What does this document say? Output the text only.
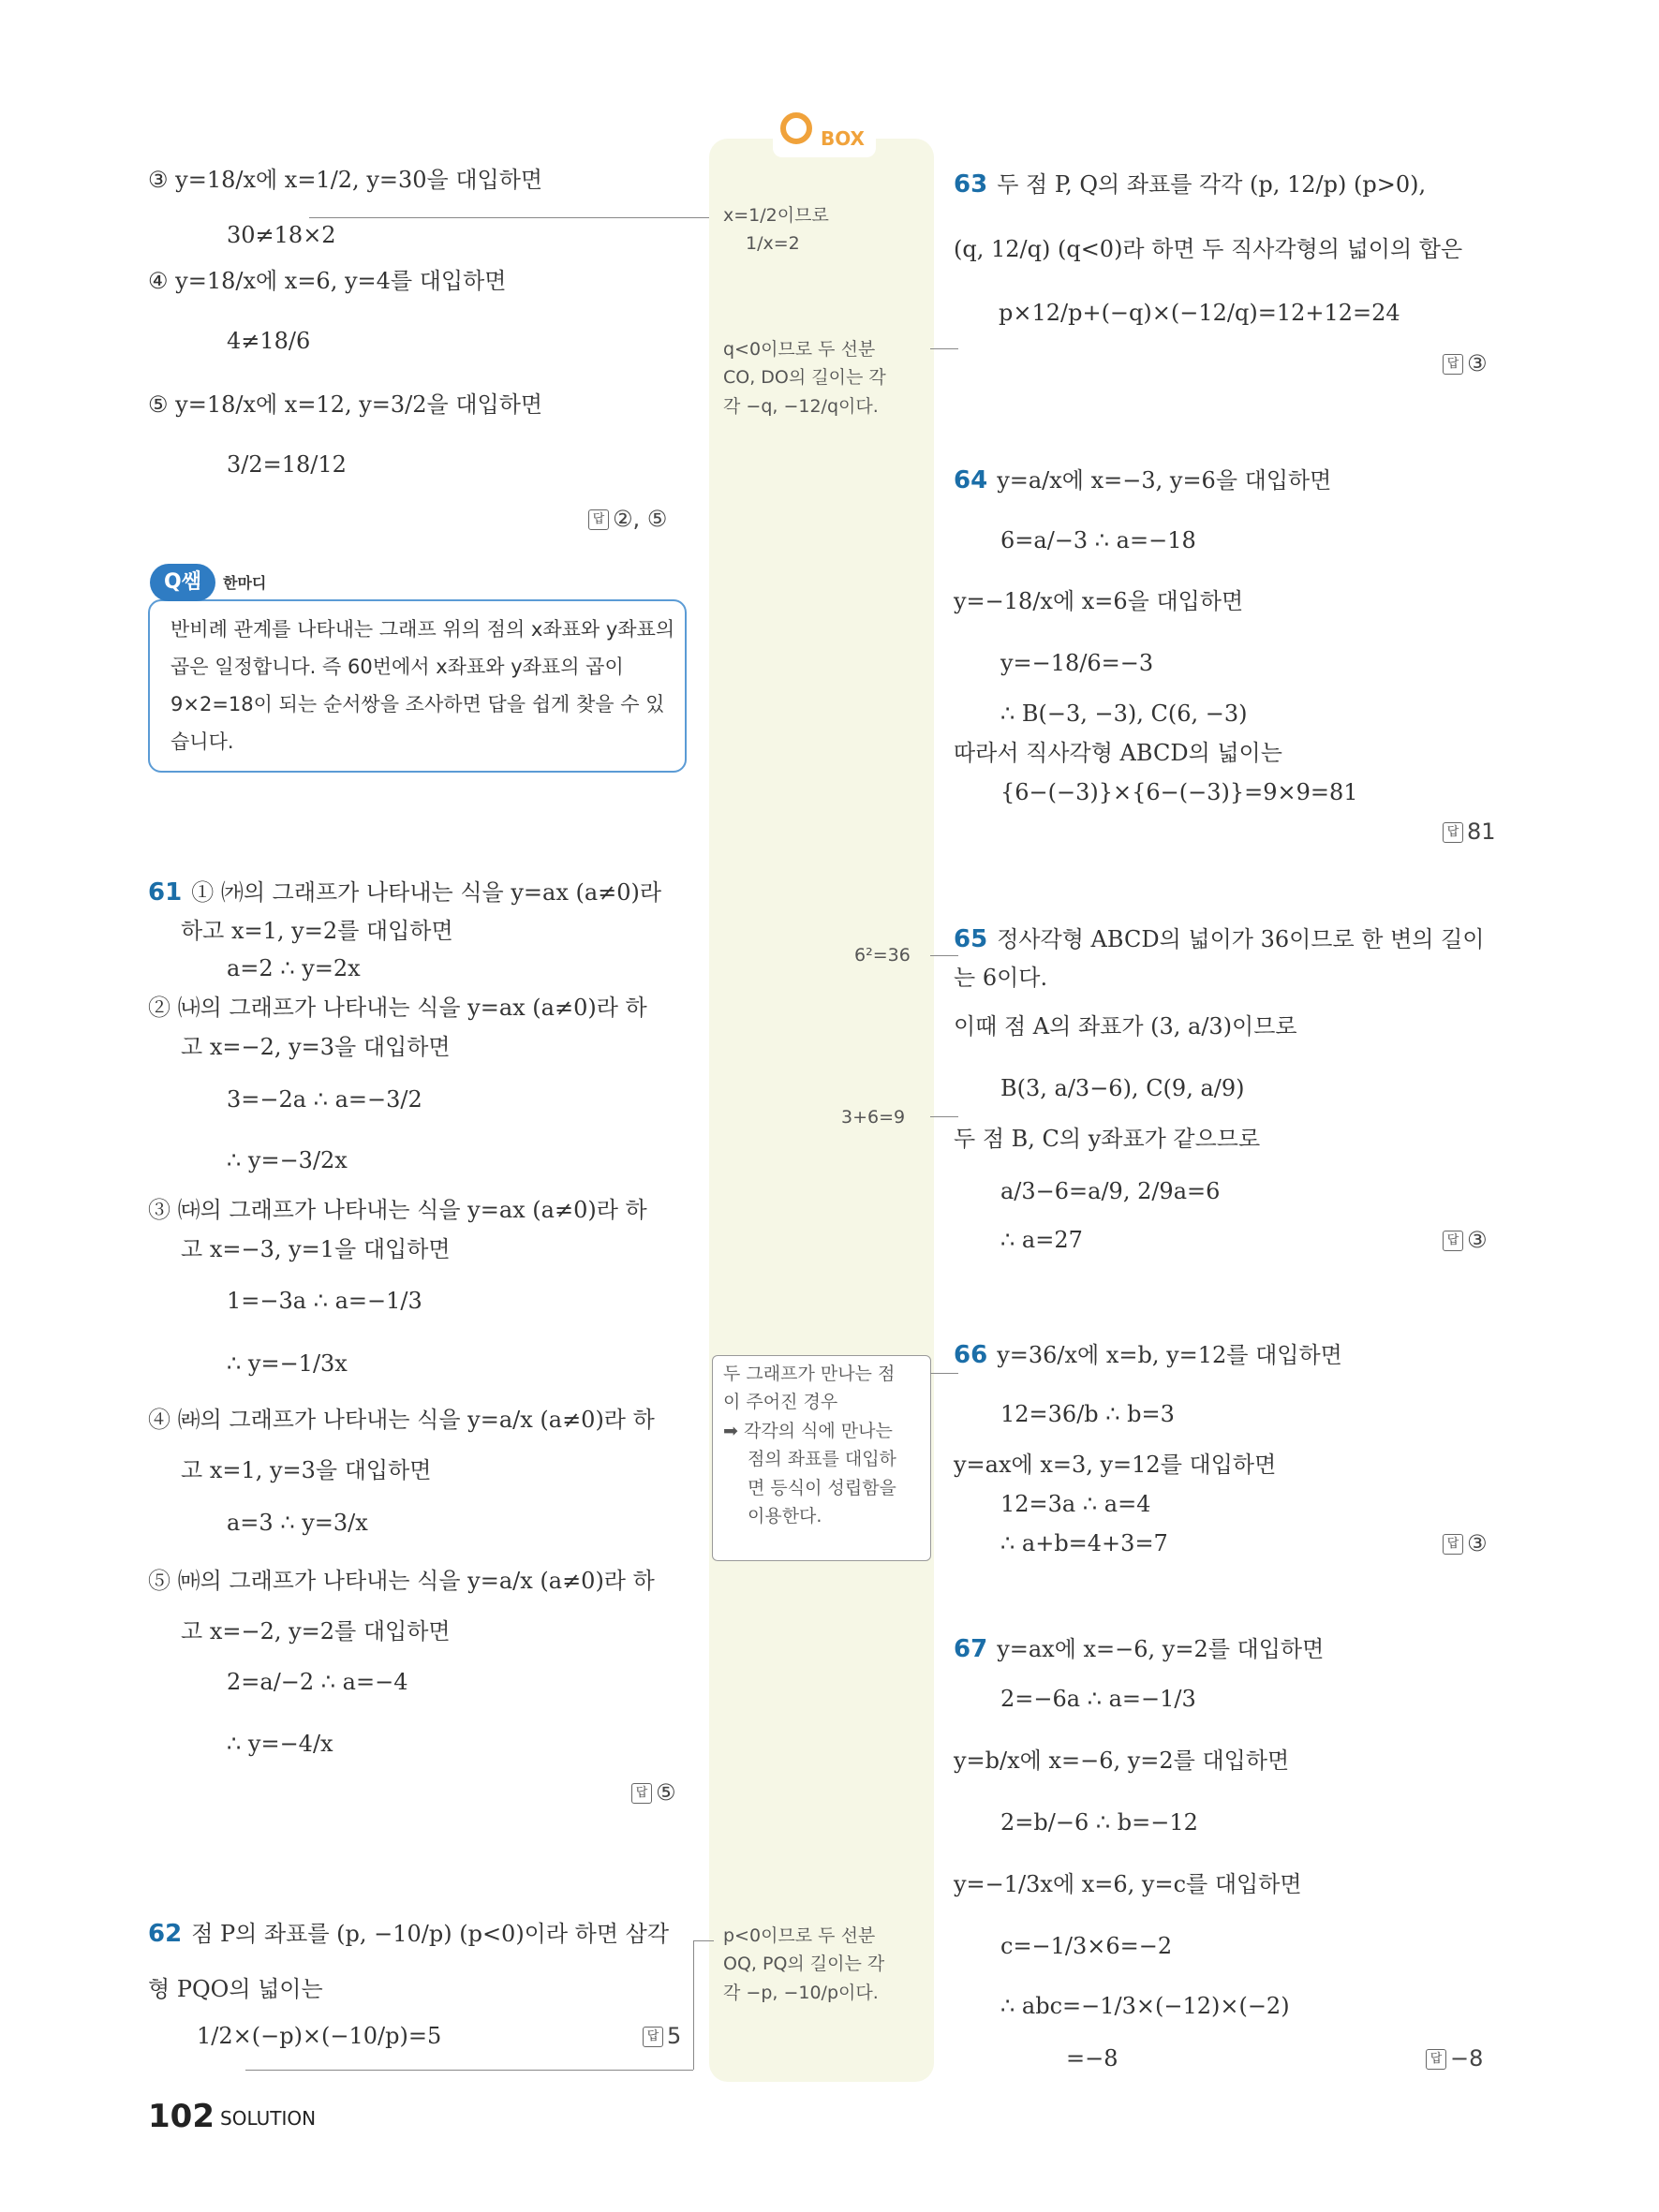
BOX
③ y=18/x에 x=1/2, y=30을 대입하면
30≠18×2
④ y=18/x에 x=6, y=4를 대입하면
4≠18/6
⑤ y=18/x에 x=12, y=3/2을 대입하면
3/2=18/12
답 ②, ⑤
Q쌤	한마디
반비례 관계를 나타내는 그래프 위의 점의 x좌표와 y좌표의 곱은 일정합니다. 즉 60번에서 x좌표와 y좌표의 곱이 9×2=18이 되는 순서쌍을 조사하면 답을 쉽게 찾을 수 있습니다.
61 ① ㈎의 그래프가 나타내는 식을 y=ax (a≠0)라
하고 x=1, y=2를 대입하면
a=2 ∴ y=2x
② ㈏의 그래프가 나타내는 식을 y=ax (a≠0)라 하
고 x=−2, y=3을 대입하면
3=−2a ∴ a=−3/2
∴ y=−3/2x
③ ㈐의 그래프가 나타내는 식을 y=ax (a≠0)라 하
고 x=−3, y=1을 대입하면
1=−3a ∴ a=−1/3
∴ y=−1/3x
④ ㈑의 그래프가 나타내는 식을 y=a/x (a≠0)라 하
고 x=1, y=3을 대입하면
a=3 ∴ y=3/x
⑤ ㈒의 그래프가 나타내는 식을 y=a/x (a≠0)라 하
고 x=−2, y=2를 대입하면
2=a/−2 ∴ a=−4
∴ y=−4/x
답 ⑤
62 점 P의 좌표를 (p, −10/p) (p<0)이라 하면 삼각
형 PQO의 넓이는
1/2×(−p)×(−10/p)=5	답 5
x=1/2이므로
1/x=2
q<0이므로 두 선분
CO, DO의 길이는 각
각 −q, −12/q이다.
6²=36
3+6=9
두 그래프가 만나는 점
이 주어진 경우
➡ 각각의 식에 만나는
점의 좌표를 대입하
면 등식이 성립함을
이용한다.
p<0이므로 두 선분
OQ, PQ의 길이는 각
각 −p, −10/p이다.
63 두 점 P, Q의 좌표를 각각 (p, 12/p) (p>0),
(q, 12/q) (q<0)라 하면 두 직사각형의 넓이의 합은
p×12/p+(−q)×(−12/q)=12+12=24
답 ③
64 y=a/x에 x=−3, y=6을 대입하면
6=a/−3 ∴ a=−18
y=−18/x에 x=6을 대입하면
y=−18/6=−3
∴ B(−3, −3), C(6, −3)
따라서 직사각형 ABCD의 넓이는
{6−(−3)}×{6−(−3)}=9×9=81
답 81
65 정사각형 ABCD의 넓이가 36이므로 한 변의 길이
는 6이다.
이때 점 A의 좌표가 (3, a/3)이므로
B(3, a/3−6), C(9, a/9)
두 점 B, C의 y좌표가 같으므로
a/3−6=a/9, 2/9a=6
∴ a=27	답 ③
66 y=36/x에 x=b, y=12를 대입하면
12=36/b ∴ b=3
y=ax에 x=3, y=12를 대입하면
12=3a ∴ a=4
∴ a+b=4+3=7	답 ③
67 y=ax에 x=−6, y=2를 대입하면
2=−6a ∴ a=−1/3
y=b/x에 x=−6, y=2를 대입하면
2=b/−6 ∴ b=−12
y=−1/3x에 x=6, y=c를 대입하면
c=−1/3×6=−2
∴ abc=−1/3×(−12)×(−2)
=−8	답 −8
102 SOLUTION
